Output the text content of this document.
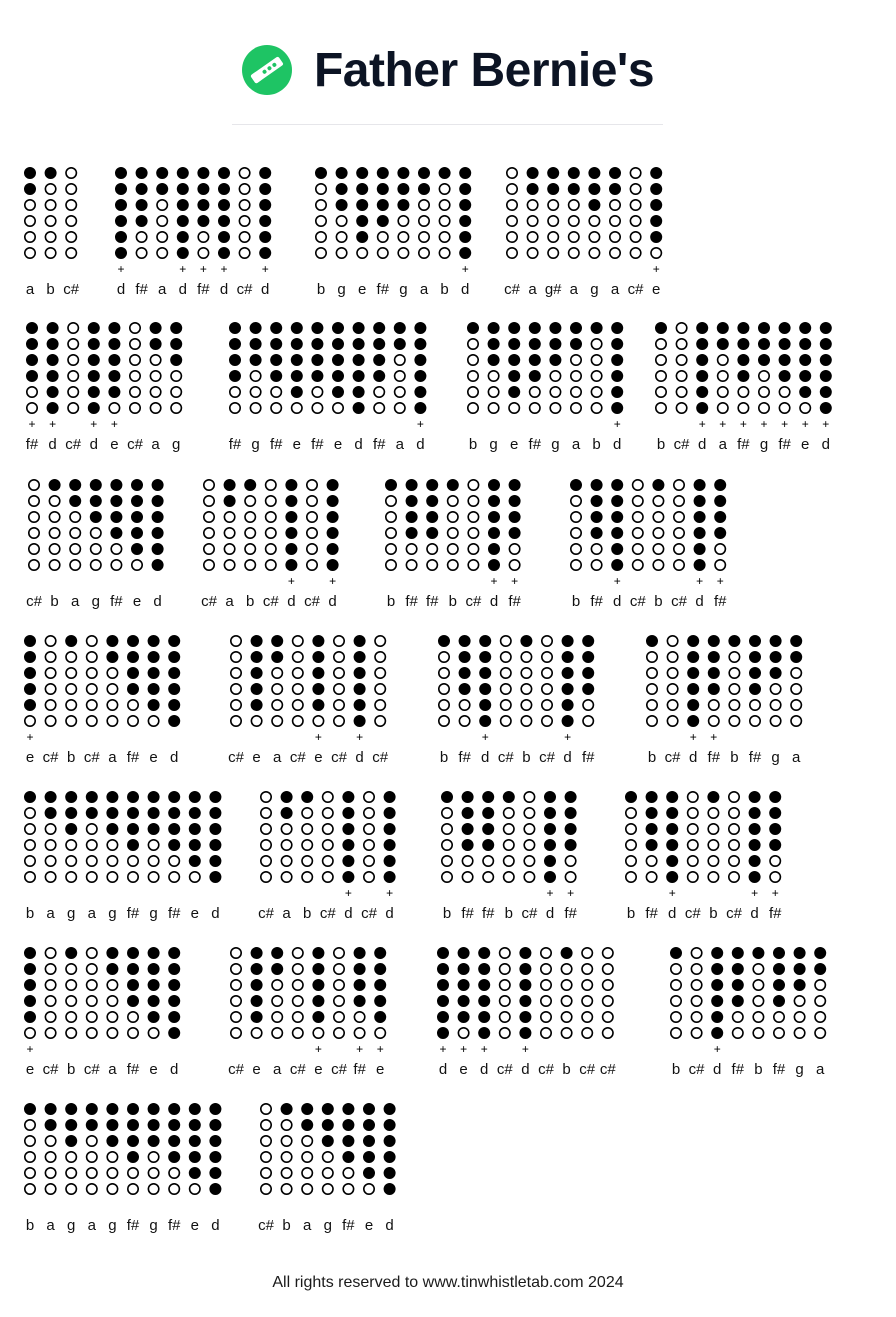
Father Bernie's
a b c#
+
d f# a
+
d
+
f#
+
d c#
+
d	b g e f# g a b
+
d c# a g# a g a c#
+
e
+
f#
+
d c#
+
d
+
e c# a g	f# g f# e f# e d f# a
+
d	b g e f# g a b
+
d b c#
+
d
+
a
+
f#
+
g
+
f#
+
e
+
d
c# b a g f# e d	c# a b c#
+
d c#
+
d	b f# f# b c#
+
d
+
f#	b f#
+
d c# b c#
+
d
+
f#
+
e c# b c# a f# e d	c# e a c#
+
e c#
+
d c#	b f#
+
d c# b c#
+
d f#	b c#
+
d
+
f# b f# g a
b a g a g f# g f# e d	c# a b c#
+
d c#
+
d	b f# f# b c#
+
d
+
f#	b f#
+
d c# b c#
+
d
+
f#
+
e c# b c# a f# e d	c# e a c#
+
e c#
+
f#
+
e
+
d
+
e
+
d c#
+
d c# b c# c#	b c#
+
d f# b f# g a
b a g a g f# g f# e d	c# b a g f# e d
All rights reserved to www.tinwhistletab.com 2024
